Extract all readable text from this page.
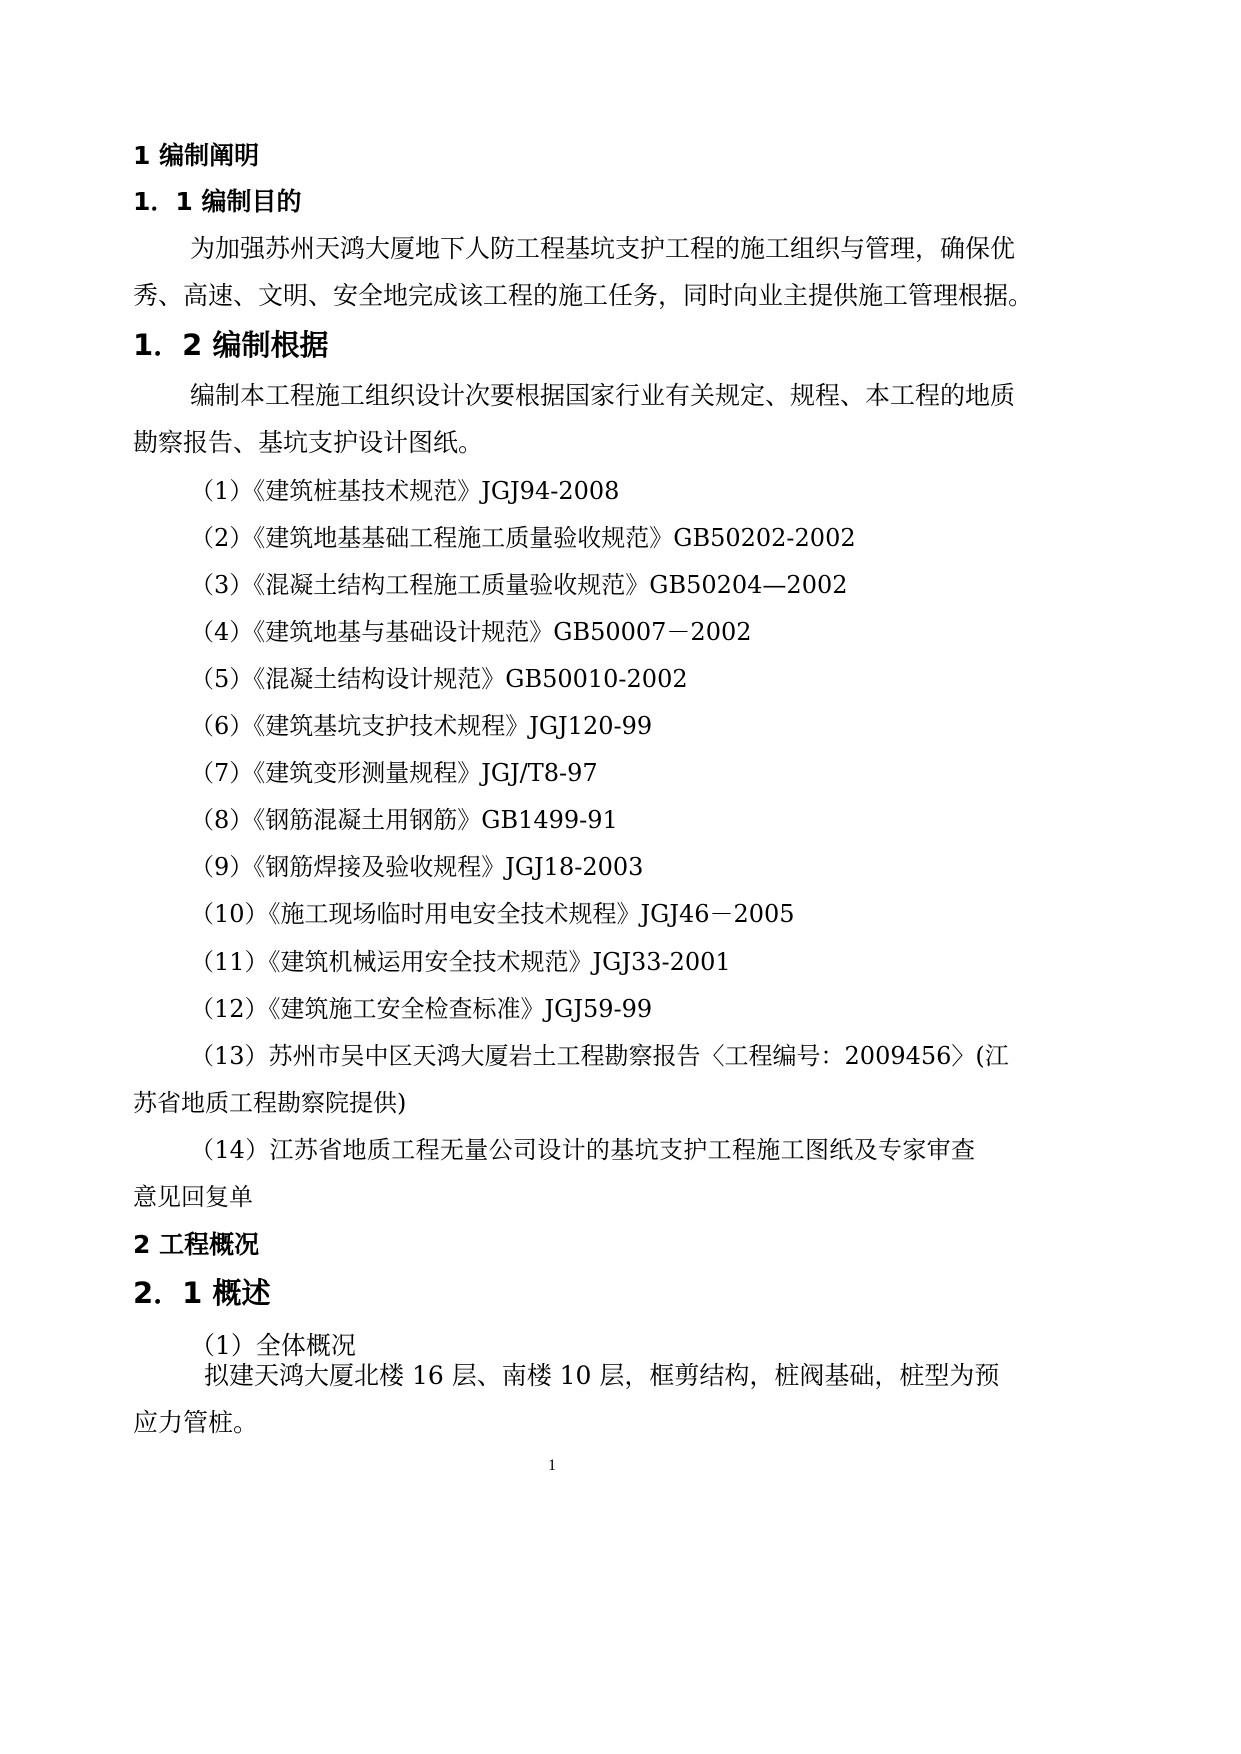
1 编制阐明
1．1 编制目的
为加强苏州天鸿大厦地下人防工程基坑支护工程的施工组织与管理，确保优
秀、高速、文明、安全地完成该工程的施工任务，同时向业主提供施工管理根据。
1．2 编制根据
编制本工程施工组织设计次要根据国家行业有关规定、规程、本工程的地质
勘察报告、基坑支护设计图纸。
（1）《建筑桩基技术规范》JGJ94-2008
（2）《建筑地基基础工程施工质量验收规范》GB50202-2002
（3）《混凝土结构工程施工质量验收规范》GB50204—2002
（4）《建筑地基与基础设计规范》GB50007－2002
（5）《混凝土结构设计规范》GB50010-2002
（6）《建筑基坑支护技术规程》JGJ120-99
（7）《建筑变形测量规程》JGJ/T8-97
（8）《钢筋混凝土用钢筋》GB1499-91
（9）《钢筋焊接及验收规程》JGJ18-2003
（10）《施工现场临时用电安全技术规程》JGJ46－2005
（11）《建筑机械运用安全技术规范》JGJ33-2001
（12）《建筑施工安全检查标准》JGJ59-99
（13）苏州市吴中区天鸿大厦岩土工程勘察报告〈工程编号：2009456〉(江
苏省地质工程勘察院提供)
（14）江苏省地质工程无量公司设计的基坑支护工程施工图纸及专家审查
意见回复单
2 工程概况
2．1 概述
（1）全体概况
拟建天鸿大厦北楼 16 层、南楼 10 层，框剪结构，桩阀基础，桩型为预
应力管桩。
1
